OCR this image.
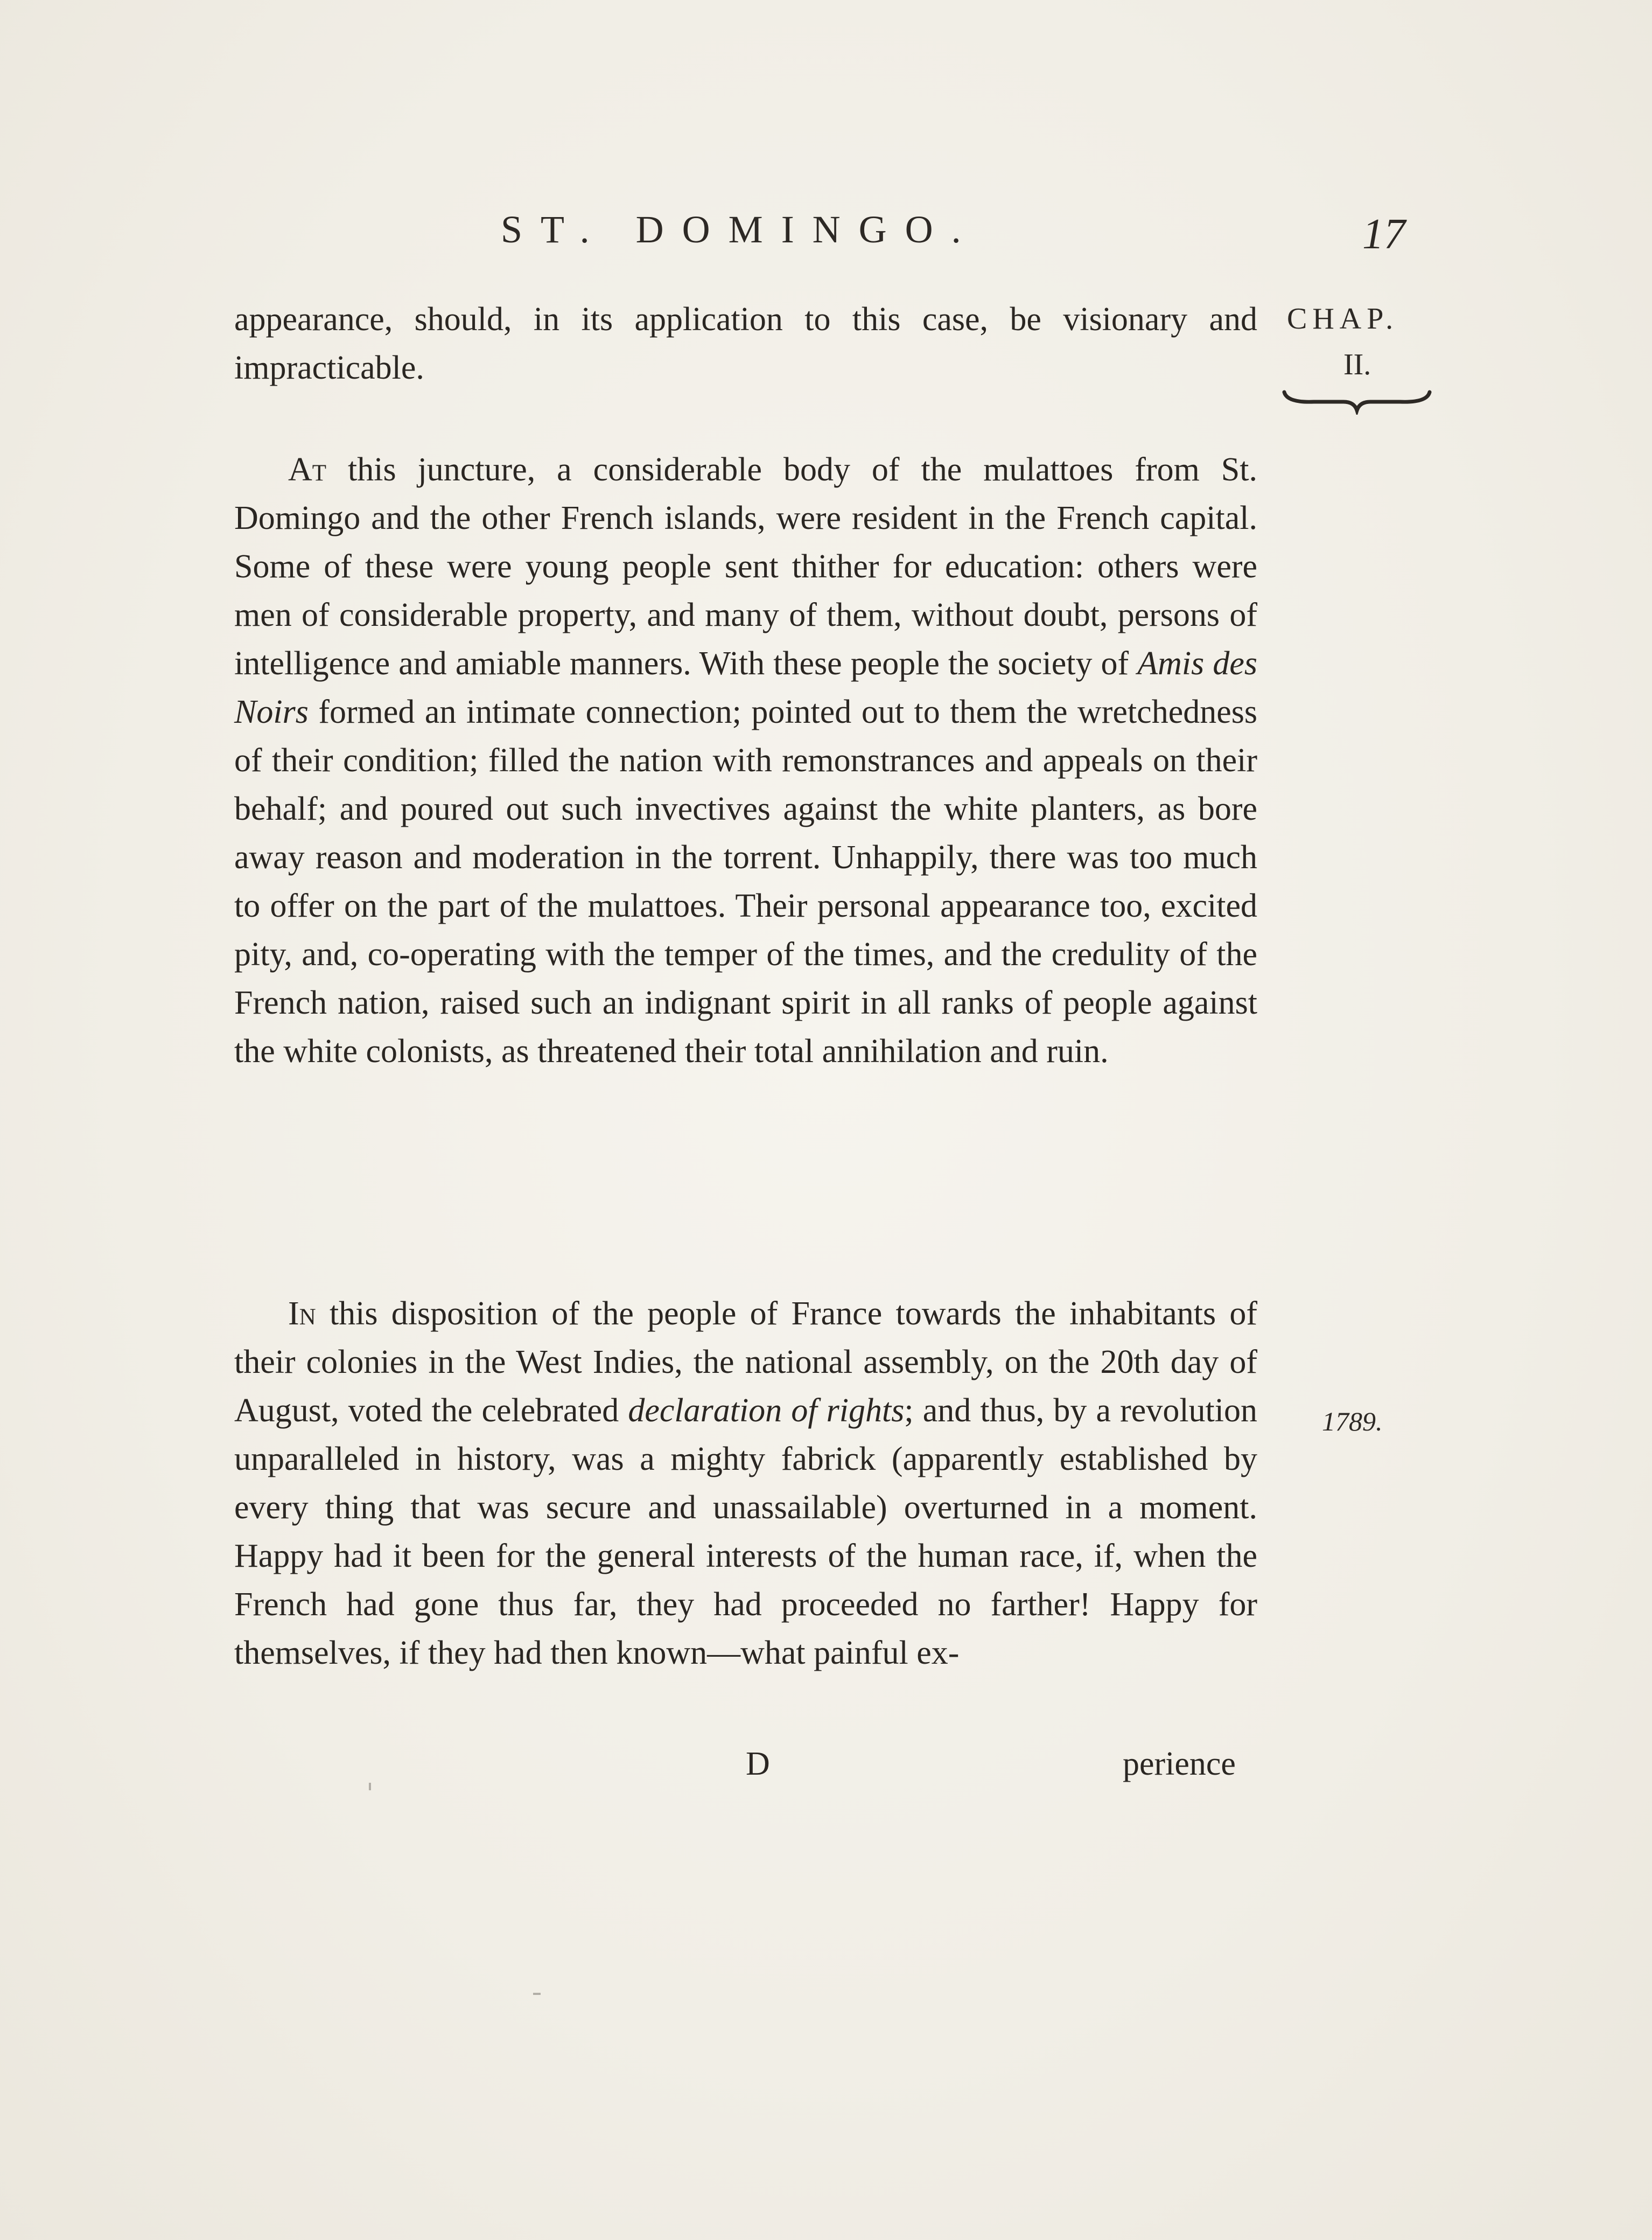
ST. DOMINGO.	17
CHAP.
II.
1789.

appearance, should, in its application to this case, be visionary and impracticable.

At this juncture, a considerable body of the mulattoes from St. Domingo and the other French islands, were resident in the French capital. Some of these were young people sent thither for education: others were men of considerable property, and many of them, without doubt, persons of intelligence and amiable manners. With these people the society of Amis des Noirs formed an intimate connection; pointed out to them the wretchedness of their condition; filled the nation with remonstrances and appeals on their behalf; and poured out such invectives against the white planters, as bore away reason and moderation in the torrent. Unhappily, there was too much to offer on the part of the mulattoes. Their personal appearance too, excited pity, and, co-operating with the temper of the times, and the credulity of the French nation, raised such an indignant spirit in all ranks of people against the white colonists, as threatened their total annihilation and ruin.

In this disposition of the people of France towards the inhabitants of their colonies in the West Indies, the national assembly, on the 20th day of August, voted the celebrated declaration of rights; and thus, by a revolution unparalleled in history, was a mighty fabrick (apparently established by every thing that was secure and unassailable) overturned in a moment. Happy had it been for the general interests of the human race, if, when the French had gone thus far, they had proceeded no farther! Happy for themselves, if they had then known—what painful ex-

D	perience
